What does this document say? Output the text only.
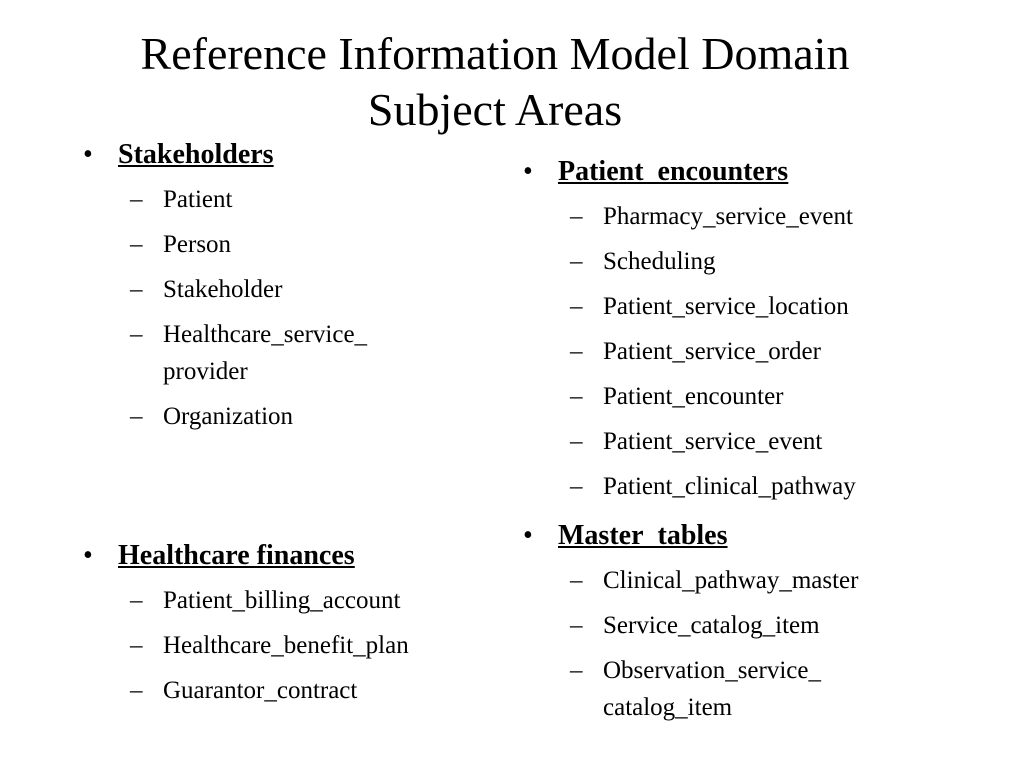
Reference Information Model Domain
Subject Areas
• Stakeholders
– Patient
– Person
– Stakeholder
– Healthcare_service_
provider
– Organization
• Healthcare finances
– Patient_billing_account
– Healthcare_benefit_plan
– Guarantor_contract
• Patient_encounters
– Pharmacy_service_event
– Scheduling
– Patient_service_location
– Patient_service_order
– Patient_encounter
– Patient_service_event
– Patient_clinical_pathway
• Master_tables
– Clinical_pathway_master
– Service_catalog_item
– Observation_service_
catalog_item
